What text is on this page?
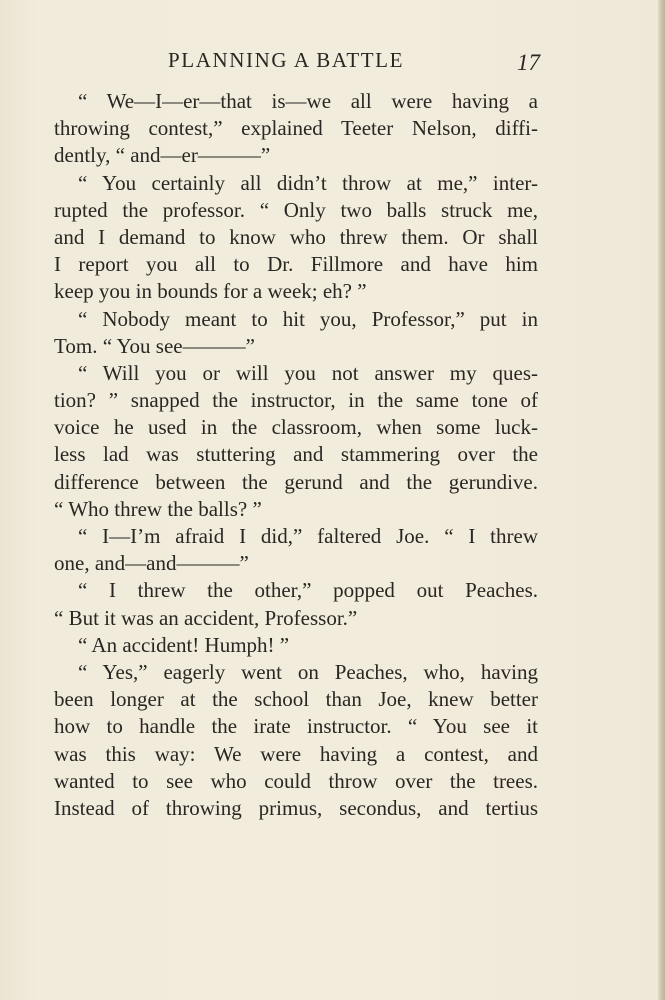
PLANNING A BATTLE	17
“ We—I—er—that is—we all were having a
throwing contest,” explained Teeter Nelson, diffi-
dently, “ and—er———”
“ You certainly all didn’t throw at me,” inter-
rupted the professor. “ Only two balls struck me,
and I demand to know who threw them. Or shall
I report you all to Dr. Fillmore and have him
keep you in bounds for a week; eh? ”
“ Nobody meant to hit you, Professor,” put in
Tom. “ You see———”
“ Will you or will you not answer my ques-
tion? ” snapped the instructor, in the same tone of
voice he used in the classroom, when some luck-
less lad was stuttering and stammering over the
difference between the gerund and the gerundive.
“ Who threw the balls? ”
“ I—I’m afraid I did,” faltered Joe. “ I threw
one, and—and———”
“ I threw the other,” popped out Peaches.
“ But it was an accident, Professor.”
“ An accident! Humph! ”
“ Yes,” eagerly went on Peaches, who, having
been longer at the school than Joe, knew better
how to handle the irate instructor. “ You see it
was this way: We were having a contest, and
wanted to see who could throw over the trees.
Instead of throwing primus, secondus, and tertius
